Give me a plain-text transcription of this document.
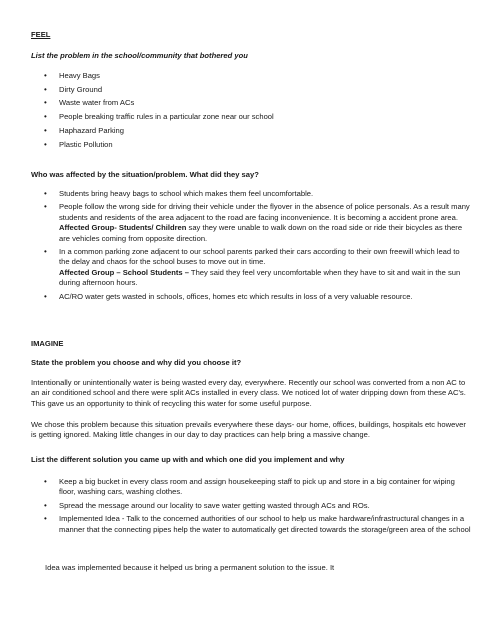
FEEL
List the problem in the school/community that bothered you
• Heavy Bags
• Dirty Ground
• Waste water from ACs
• People breaking traffic rules in a particular zone near our school
• Haphazard Parking
• Plastic Pollution
Who was affected by the situation/problem. What did they say?
• Students bring heavy bags to school which makes them feel uncomfortable.
• People follow the wrong side for driving their vehicle under the flyover in the absence of police personals. As a result many students and residents of the area adjacent to the road are facing inconvenience. It is becoming a accident prone area.
Affected Group- Students/ Children say they were unable to walk down on the road side or ride their bicycles as there are vehicles coming from opposite direction.
• In a common parking zone adjacent to our school parents parked their cars according to their own freewill which lead to the delay and chaos for the school buses to move out in time.
Affected Group – School Students – They said they feel very uncomfortable when they have to sit and wait in the sun during afternoon hours.
• AC/RO water gets wasted in schools, offices, homes etc which results in loss of a very valuable resource.
IMAGINE
State the problem you choose and why did you choose it?

Intentionally or unintentionally water is being wasted every day, everywhere. Recently our school was converted from a non AC to an air conditioned school and there were split ACs installed in every class. We noticed lot of water dripping down from these AC's. This gave us an opportunity to think of recycling this water for some useful purpose.

We chose this problem because this situation prevails everywhere these days- our home, offices, buildings, hospitals etc however is getting ignored. Making little changes in our day to day practices can help bring a massive change.

List the different solution you came up with and which one did you implement and why
• Keep a big bucket in every class room and assign housekeeping staff to pick up and store in a big container for wiping floor, washing cars, washing clothes.
• Spread the message around our locality to save water getting wasted through ACs and ROs.
• Implemented Idea - Talk to the concerned authorities of our school to help us make hardware/infrastructural changes in a manner that the connecting pipes help the water to automatically get directed towards the storage/green area of the school

Idea was implemented because it helped us bring a permanent solution to the issue. It
